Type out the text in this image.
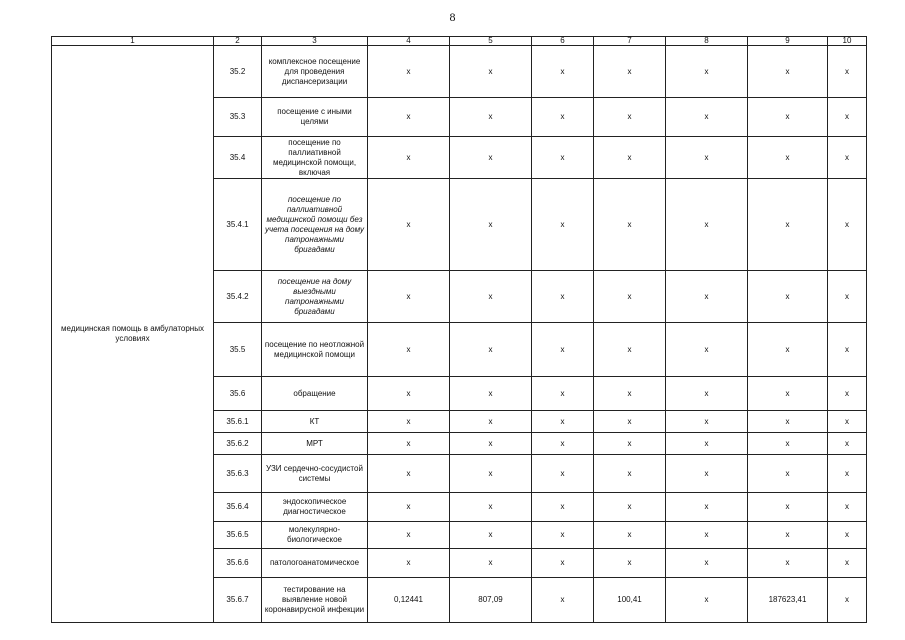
8
1	2	3	4	5	6	7	8	9	10
медицинская помощь в амбулаторных условиях	35.2	комплексное посещение для проведения диспансеризации	x	x	x	x	x	x	x
	35.3	посещение с иными целями	x	x	x	x	x	x	x
	35.4	посещение по паллиативной медицинской помощи, включая	x	x	x	x	x	x	x
	35.4.1	посещение по паллиативной медицинской помощи без учета посещения на дому патронажными бригадами	x	x	x	x	x	x	x
	35.4.2	посещение на дому выездными патронажными бригадами	x	x	x	x	x	x	x
	35.5	посещение по неотложной медицинской помощи	x	x	x	x	x	x	x
	35.6	обращение	x	x	x	x	x	x	x
	35.6.1	КТ	x	x	x	x	x	x	x
	35.6.2	МРТ	x	x	x	x	x	x	x
	35.6.3	УЗИ сердечно-сосудистой системы	x	x	x	x	x	x	x
	35.6.4	эндоскопическое диагностическое	x	x	x	x	x	x	x
	35.6.5	молекулярно-биологическое	x	x	x	x	x	x	x
	35.6.6	патологоанатомическое	x	x	x	x	x	x	x
	35.6.7	тестирование на выявление новой коронавирусной инфекции	0,12441	807,09	x	100,41	x	187623,41	x
